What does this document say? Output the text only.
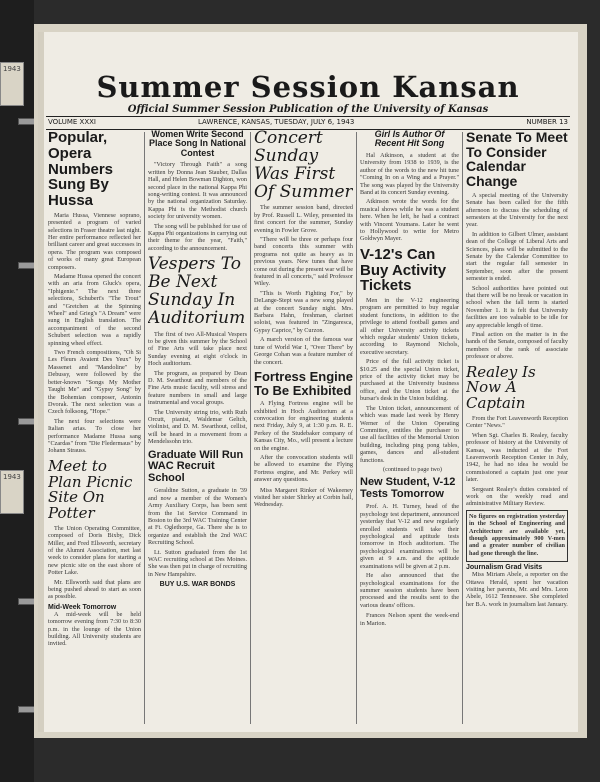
1943
1943
Summer Session Kansan
Official Summer Session Publication of the University of Kansas
VOLUME XXXI	LAWRENCE, KANSAS, TUESDAY, JULY 6, 1943	NUMBER 13
Popular, Opera Numbers Sung By Hussa

Maria Hussa, Viennese soprano, presented a program of varied selections in Fraser theatre last night. Her entire performance reflected her brilliant career and great successes in opera. The program was composed of works of many great European composers.

Madame Hussa opened the concert with an aria from Gluck's opera, "Iphigenie." The next three selections, Schubert's "The Trout" and "Gretchen at the Spinning Wheel" and Grieg's "A Dream" were sung in English translation. The accompaniment of the second Schubert selection was a rapidly spinning wheel effect.

Two French compositions, "Oh Si Les Fleurs Avaient Des Yeux" by Massenet and "Mandoline" by Debussy, were followed by the better-known "Songs My Mother Taught Me" and "Gypsy Song" by the Bohemian composer, Antonin Dvorak. The next selection was a Czech folksong, "Hope."

The next four selections were Italian arias. To close her performance Madame Hussa sang "Czardas" from "Die Fledermaus" by Johann Strauss.

Meet to Plan Picnic Site On Potter

The Union Operating Committee, composed of Doris Bixby, Dick Miller, and Fred Ellsworth, secretary of the Alumni Association, met last week to consider plans for starting a new picnic site on the east shore of Potter Lake.

Mr. Ellsworth said that plans are being pushed ahead to start as soon as possible.

Mid-Week Tomorrow

A mid-week will be held tomorrow evening from 7:30 to 8:30 p.m. in the lounge of the Union building. All University students are invited.

Women Write Second Place Song In National Contest

"Victory Through Faith" a song written by Donna Jean Stauber, Dallas Hall, and Helen Bowman Dighton, won second place in the national Kappa Phi song-writing contest. It was announced by the national organization Saturday. Kappa Phi is the Methodist church society for university women.

The song will be published for use of Kappa Phi organizations in carrying out their theme for the year, "Faith," according to the announcement.

Vespers To Be Next Sunday In Auditorium

The first of two All-Musical Vespers to be given this summer by the School of Fine Arts will take place next Sunday evening at eight o'clock in Hoch auditorium.

The program, as prepared by Dean D. M. Swarthout and members of the Fine Arts music faculty, will stress and feature numbers in small and large instrumental and vocal groups.

The University string trio, with Ruth Orcutt, pianist, Waldemar Geltch, violinist, and D. M. Swarthout, cellist, will be heard in a movement from a Mendelssohn trio.

Graduate Will Run WAC Recruit School

Geraldine Sutton, a graduate in '39 and now a member of the Women's Army Auxiliary Corps, has been sent from the 1st Service Command in Boston to the 3rd WAC Training Center at Ft. Oglethorpe, Ga. There she is to organize and establish the 2nd WAC Recruiting School.

Lt. Sutton graduated from the 1st WAC recruiting school at Des Moines. She was then put in charge of recruiting in New Hampshire.

BUY U.S. WAR BONDS
Concert Sunday Was First Of Summer

The summer session band, directed by Prof. Russell L. Wiley, presented its first concert for the summer, Sunday evening in Fowler Grove.

"There will be three or perhaps four band concerts this summer with programs not quite as heavy as in previous years. New tunes that have come out during the present war will be featured in all concerts," said Professor Wiley.

"This is Worth Fighting For," by DeLange-Stept was a new song played at the concert Sunday night. Mrs. Barbara Hahn, freshman, clarinet soloist, was featured in "Zingaresca, Gypsy Caprice," by Curzon.

A march version of the famous war tune of World War I, "Over There" by George Cohan was a feature number of the concert.

Fortress Engine To Be Exhibited

A Flying Fortress engine will be exhibited in Hoch Auditorium at a convocation for engineering students next Friday, July 9, at 1:30 p.m. R. E. Perkey of the Studebaker company of Kansas City, Mo., will present a lecture on the engine.

After the convocation students will be allowed to examine the Flying Fortress engine, and Mr. Perkey will answer any questions.

Miss Margaret Rinker of Wakeeney visited her sister Shirley at Corbin hall, Wednesday.

Girl Is Author Of Recent Hit Song

Hal Atkinson, a student at the University from 1938 to 1939, is the author of the words to the new hit tune "Coming In on a Wing and a Prayer." The song was played by the University Band at its concert Sunday evening.

Atkinson wrote the words for the musical shows while he was a student here. When he left, he had a contract with Vincent Youmans. Later he went to Hollywood to write for Metro Goldwyn Mayer.

V-12's Can Buy Activity Tickets

Men in the V-12 engineering program are permitted to buy regular student functions, in addition to the privilege to attend football games and all other University activity tickets which regular students' Union tickets, according to Raymond Nichols, executive secretary.

Price of the full activity ticket is $10.25 and the special Union ticket, price of the activity ticket may be purchased at the University business office, and the Union ticket at the bursar's desk in the Union building.

The Union ticket, announcement of which was made last week by Henry Werner of the Union Operating Committee, entitles the purchaser to use all facilities of the Memorial Union building, including ping pong tables, games, dances and all-student functions.

(continued to page two)

New Student, V-12 Tests Tomorrow

Prof. A. H. Turney, head of the psychology test department, announced yesterday that V-12 and new regularly enrolled students will take their psychological and aptitude tests tomorrow in Hoch auditorium. The psychological examinations will be given at 9 a.m. and the aptitude examinations will be given at 2 p.m.

He also announced that the psychological examinations for the summer session students have been processed and the results sent to the various deans' offices.

Frances Nelson spent the week-end in Marion.

Senate To Meet To Consider Calendar Change

A special meeting of the University Senate has been called for the fifth afternoon to discuss the scheduling of semesters at the University for the next year.

In addition to Gilbert Ulmer, assistant dean of the College of Liberal Arts and Sciences, plans will be submitted to the Senate by the Calendar Committee to start the regular fall semester in September, soon after the present semester is ended.

School authorities have pointed out that there will be no break or vacation in school when the fall term is started November 1. It is felt that University facilities are too valuable to be idle for any appreciable length of time.

Final action on the matter is in the hands of the Senate, composed of faculty members of the rank of associate professor or above.

Realey Is Now A Captain

From the Fort Leavenworth Reception Center "News."

When Sgt. Charles B. Realey, faculty professor of history at the University of Kansas, was inducted at the Fort Leavenworth Reception Center in July, 1942, he had no idea he would be commissioned a captain just one year later.

Sergeant Realey's duties consisted of work on the weekly read and administrative Military Review.

No figures on registration yesterday in the School of Engineering and Architecture are available yet, though approximately 900 V-men and a greater number of civilian had gone through the line.

Journalism Grad Visits

Miss Miriam Abele, a reporter on the Ottawa Herald, spent her vacation visiting her parents, Mr. and Mrs. Leon Abele, 1612 Tennessee. She completed her B.A. work in journalism last January.
